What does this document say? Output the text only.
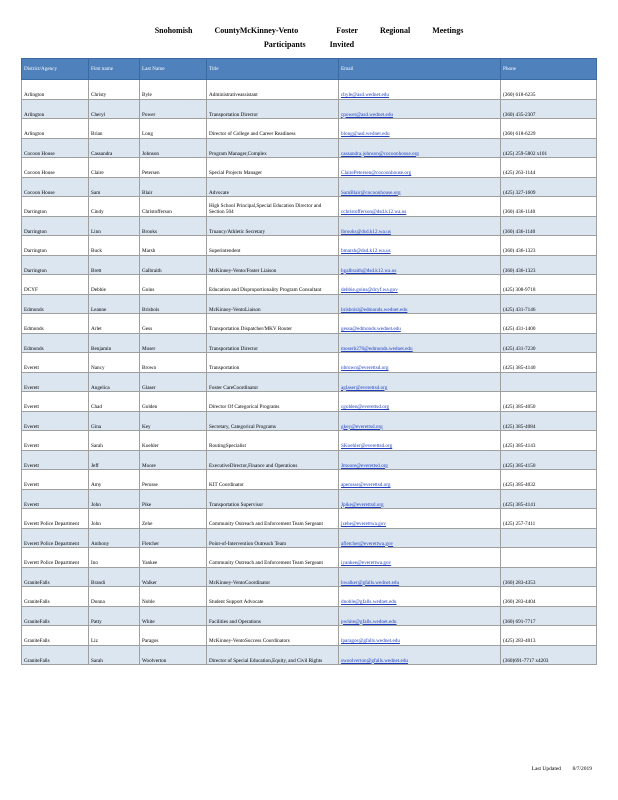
Snohomish	CountyMcKinney-Vento	Foster	Regional	Meetings
Participants	Invited
District/Agency	First name	Last Name	Title	Email	Phone
Arlington	Christy	Byle	Administrativeassistant	cbyle@asd.wednet.edu	(360) 618-6235
Arlington	Cheryl	Power	Transportation Director	cpower@asd.wednet.edu	(360) 435-2307
Arlington	Brian	Long	Director of College and Career Readiness	blong@asd.wednet.edu	(360) 618-6229
Cocoon House	Cassandra	Johnson	Program Manager,Complex	cassandra.johnson@cocoonhouse.org	(425) 259-5802 x101
Cocoon House	Claire	Petersen	Special Projects Manager	ClairePetersen@cocoonhouse.org	(425) 263-1144
Cocoon House	Sam	Blair	Advocate	SamBlair@cocoonhouse.org	(425) 327-1609
Darrington	Cindy	Christofferson	High School Principal,Special Education Director and Section 504	cchristofferson@dsd.k12.wa.us	(360) 436-1140
Darrington	Linn	Brooks	Truancy/Athletic Secretary	lbrooks@dsd.k12.wa.us	(360) 436-1140
Darrington	Buck	Marsh	Superintendent	bmarsh@dsd.k12.wa.us	(360) 436-1323
Darrington	Brett	Galbraith	McKinney-Vento/Foster Liaison	bgalbraith@dsd.k12.wa.us	(360) 436-1323
DCYF	Debbie	Goins	Education and Disproportionality Program Consultant	debbie.goins@dcyf.wa.gov	(425) 308-9718
Edmonds	Leanne	Brisbois	McKinney-VentoLiaison	brisboisl@edmonds.wednet.edu	(425) 431-7146
Edmonds	Arlet	Gess	Transportation Dispatcher/MKV Router	gessa@edmonds.wednet.edu	(425) 431-1400
Edmonds	Benjamin	Moser	Transportation Director	moserb276@edmonds.wednet.edu	(425) 431-7230
Everett	Nancy	Brown	Transportation	nbrown@everettsd.org	(425) 385-4140
Everett	Angelica	Glaser	Foster CareCoordinator	aglaser@everettsd.org	
Everett	Chad	Golden	Director Of Categorical Programs	cgolden@everettsd.org	(425) 385-4050
Everett	Gina	Key	Secretary, Categorical Programs	gkey@everettsd.org	(425) 385-4084
Everett	Sarah	Koehler	RoutingSpecialist	SKoehler@everettsd.org	(425) 385-4143
Everett	Jeff	Moore	ExecutiveDirector,Finance and Operations	Jmoore@everettsd.org	(425) 385-4150
Everett	Amy	Perusse	KIT Coordinator	aperusse@everettsd.org	(425) 385-4032
Everett	John	Pike	Transportation Supervisor	Jpike@everettsd.org	(425) 385-4141
Everett Police Department	John	Zehe	Community Outreach and Enforcement Team Sergeant	jzehe@everettwa.gov	(425) 257-7411
Everett Police Department	Anthony	Fletcher	Point-of-Intervention Outreach Team	afletcher@everettwa.gov	
Everett Police Department	Ino	Yankee	Community Outreach and Enforcement Team Sergeant	iyankee@everettwa.gov	
GraniteFalls	Brandi	Walker	McKinney-VentoCoordinator	bwalker@gfalls.wednet.edu	(360) 283-4353
GraniteFalls	Donna	Noble	Student Support Advocate	dnoble@gfalls.wednet.edu	(360) 283-4404
GraniteFalls	Patty	White	Facilities and Operations	pwhite@gfalls.wednet.edu	(360) 691-7717
GraniteFalls	Liz	Paragos	McKinney-VentoSuccess Coordinators	lparagos@gfalls.wednet.edu	(425) 283-4013
GraniteFalls	Sarah	Woolverton	Director of Special Education,Equity, and Civil Rights	swoolverton@gfalls.wednet.edu	(360)691-7717 x4203
Last Updated 8/7/2019
